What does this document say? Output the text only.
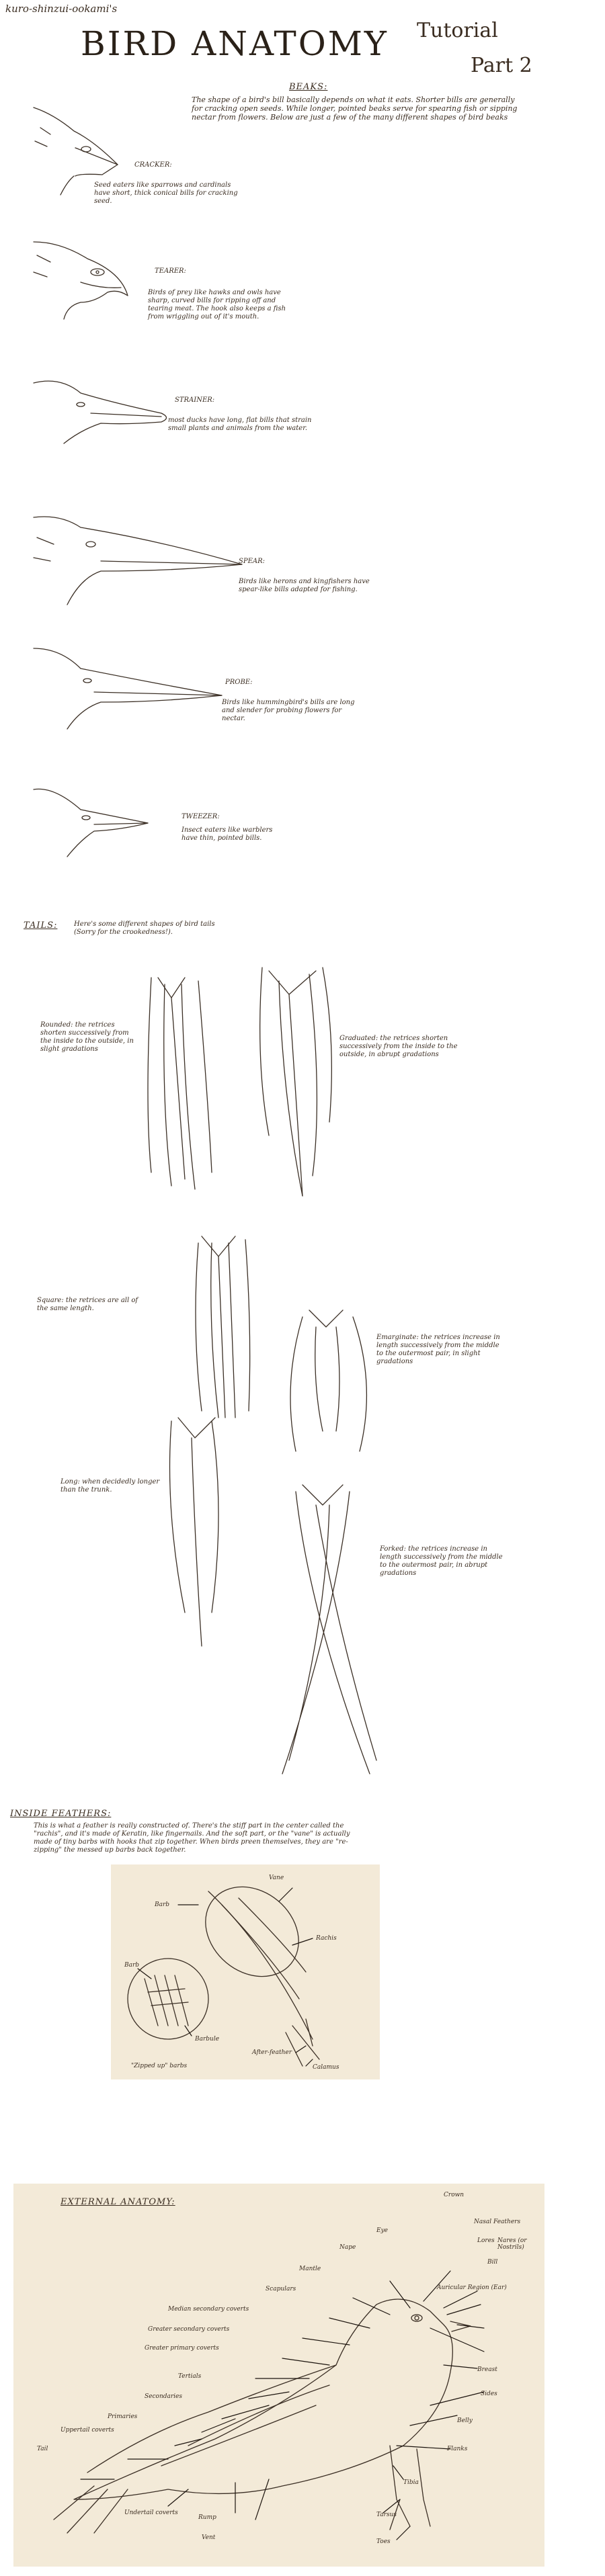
kuro-shinzui-ookami's
BIRD ANATOMY Tutorial
Part 2
BEAKS:
The shape of a bird's bill basically depends on what it eats. Shorter bills are generally for cracking open seeds. While longer, pointed beaks serve for spearing fish or sipping nectar from flowers. Below are just a few of the many different shapes of bird beaks
CRACKER:
Seed eaters like sparrows and cardinals have short, thick conical bills for cracking seed.
TEARER:
Birds of prey like hawks and owls have sharp, curved bills for ripping off and tearing meat. The hook also keeps a fish from wriggling out of it's mouth.
STRAINER:
most ducks have long, flat bills that strain small plants and animals from the water.
SPEAR:
Birds like herons and kingfishers have spear-like bills adapted for fishing.
PROBE:
Birds like hummingbird's bills are long and slender for probing flowers for nectar.
TWEEZER:
Insect eaters like warblers have thin, pointed bills.
TAILS: Here's some different shapes of bird tails (Sorry for the crookedness!).
Rounded: the retrices shorten successively from the inside to the outside, in slight gradations
Graduated: the retrices shorten successively from the inside to the outside, in abrupt gradations
Square: the retrices are all of the same length.
Emarginate: the retrices increase in length successively from the middle to the outermost pair, in slight gradations
Long: when decidedly longer than the trunk.
Forked: the retrices increase in length successively from the middle to the outermost pair, in abrupt gradations
INSIDE FEATHERS:
This is what a feather is really constructed of. There's the stiff part in the center called the "rachis", and it's made of Keratin, like fingernails. And the soft part, or the "vane" is actually made of tiny barbs with hooks that zip together. When birds preen themselves, they are "re-zipping" the messed up barbs back together.
Vane
Barb
Rachis
Barb
Barbule
"Zipped up" barbs
After-feather
Calamus
EXTERNAL ANATOMY:
Crown
Eye
Nape
Mantle
Scapulars
Median secondary coverts
Greater secondary coverts
Greater primary coverts
Tertials
Secondaries
Primaries
Uppertail coverts
Tail
Undertail coverts
Rump
Vent
Nasal Feathers
Lores Nares (or Nostrils)
Bill
Auricular Region (Ear)
Breast
Sides
Belly
Flanks
Tibia
Tarsus
Toes
